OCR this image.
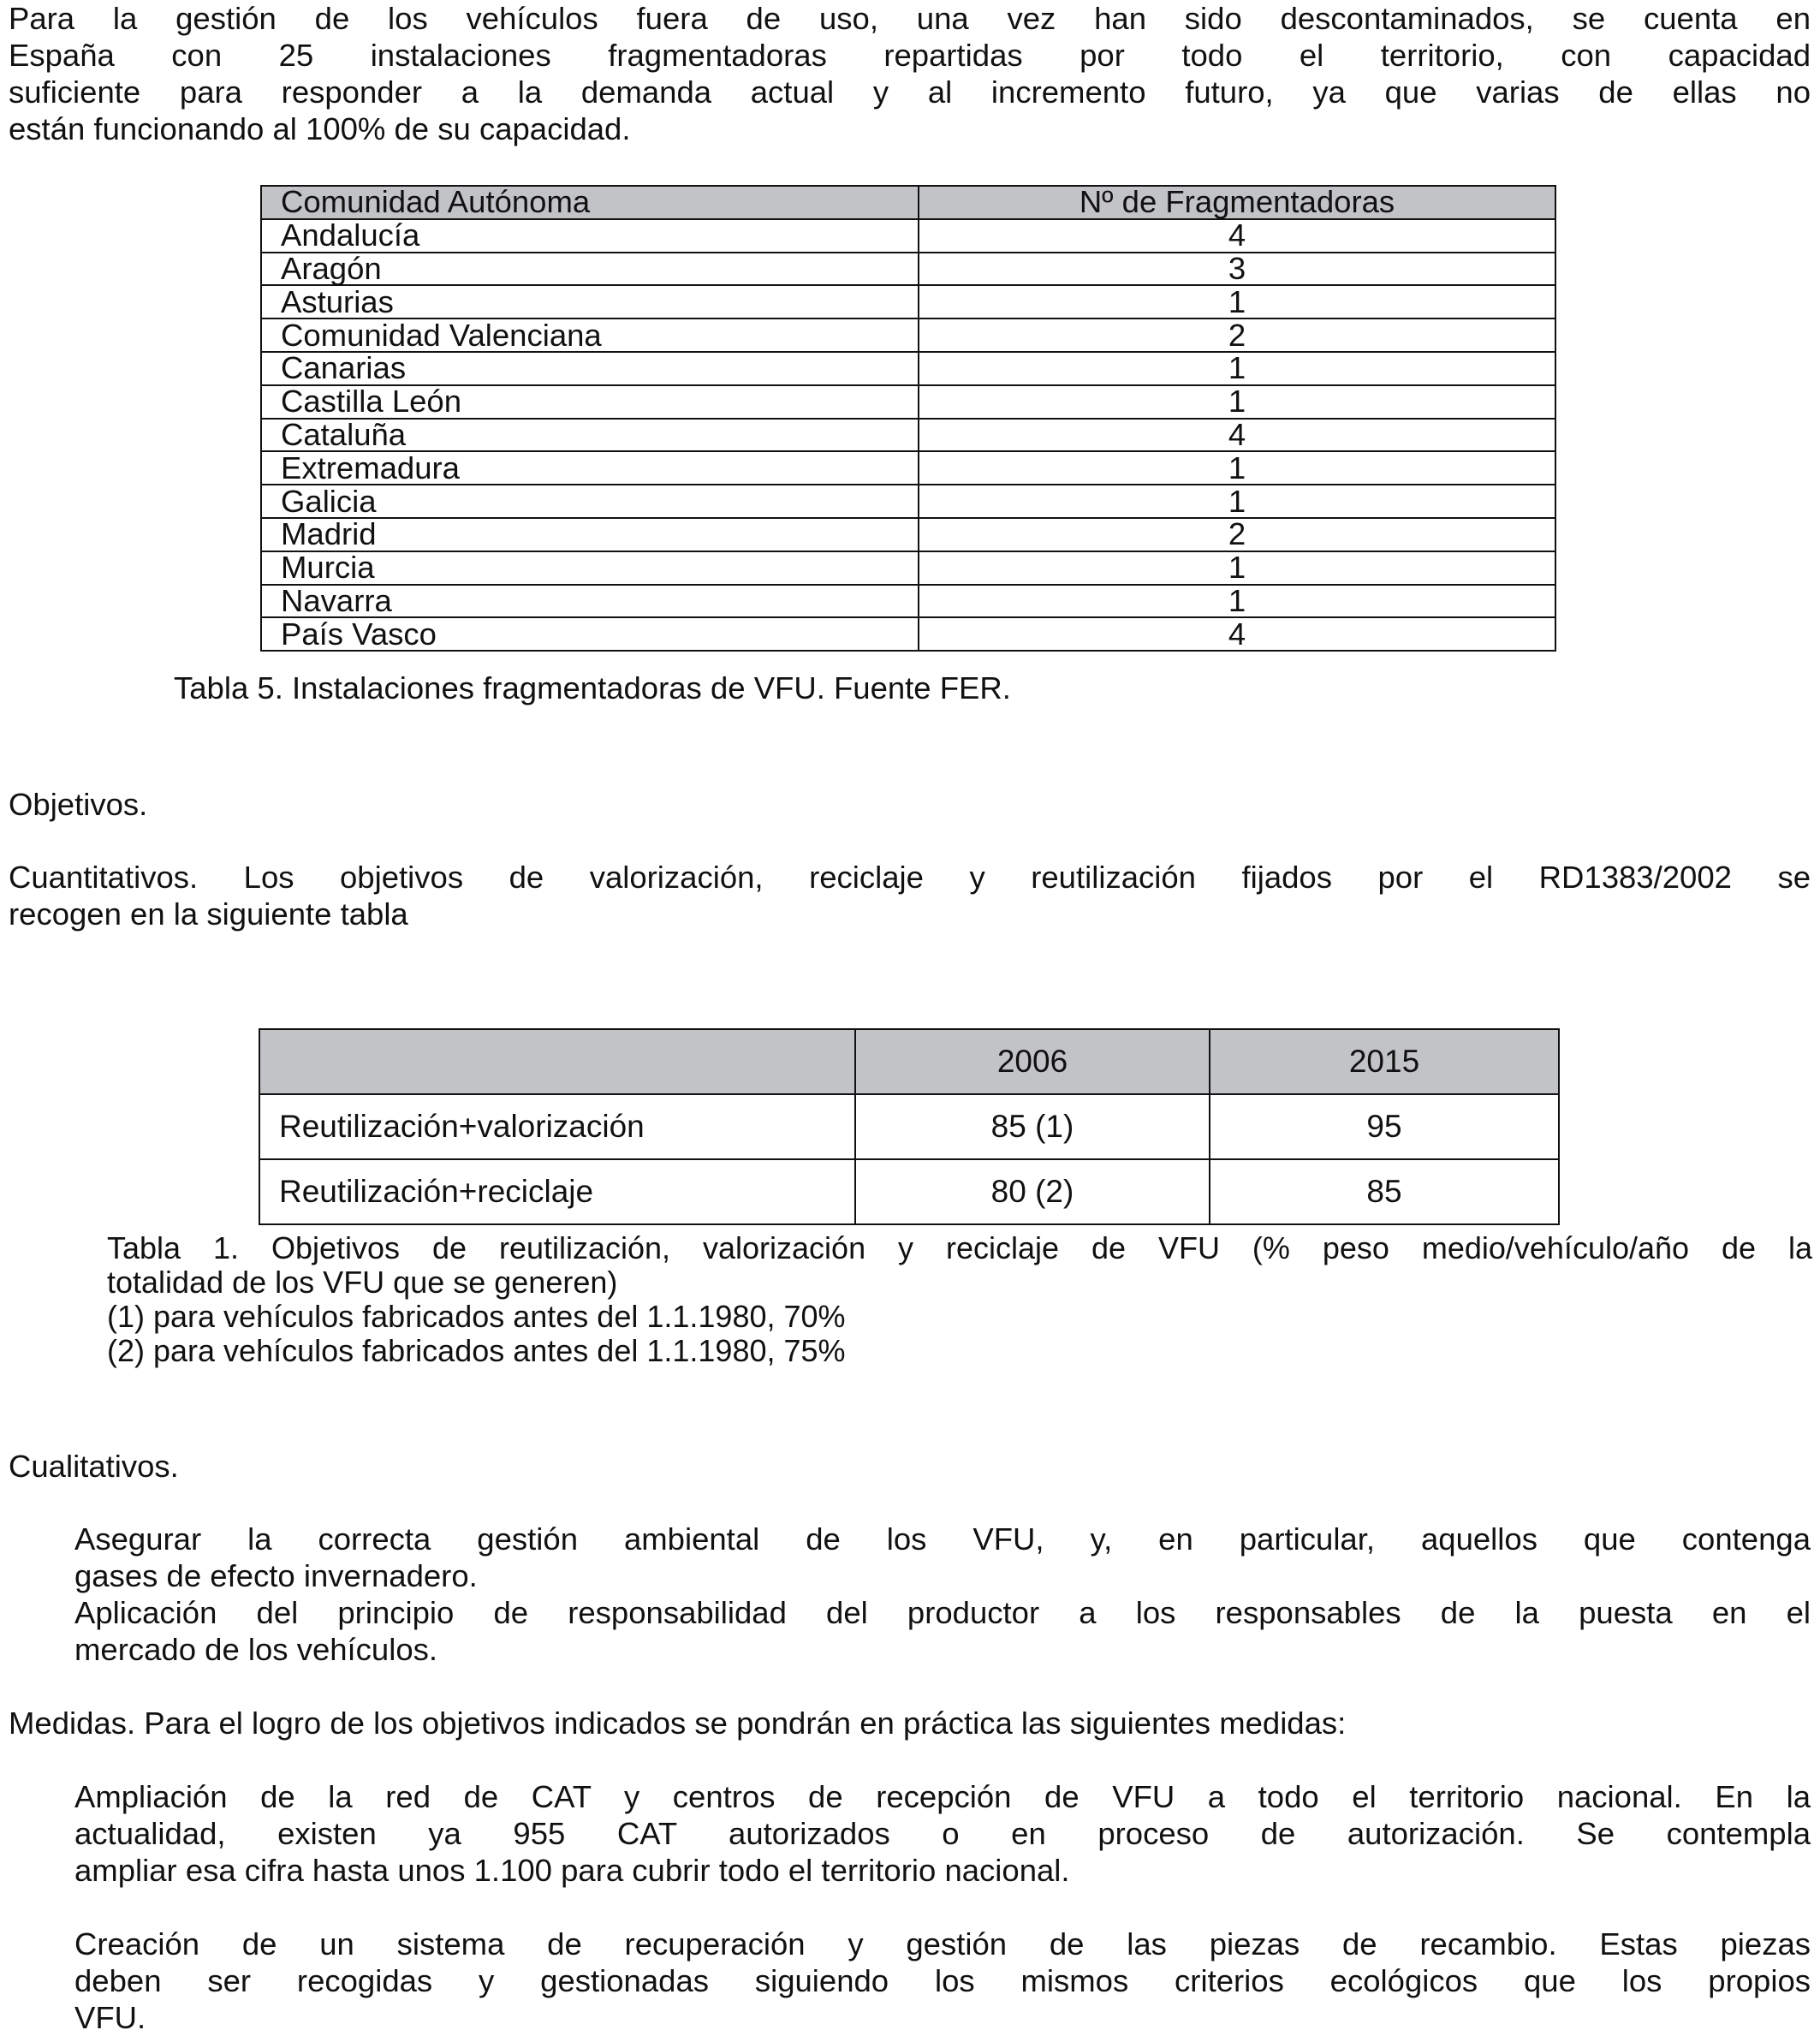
Para la gestión de los vehículos fuera de uso, una vez han sido descontaminados, se cuenta en
España con 25 instalaciones fragmentadoras repartidas por todo el territorio, con capacidad
suficiente para responder a la demanda actual y al incremento futuro, ya que varias de ellas no
están funcionando al 100% de su capacidad.

Comunidad Autónoma	Nº de Fragmentadoras
Andalucía	4
Aragón	3
Asturias	1
Comunidad Valenciana	2
Canarias	1
Castilla León	1
Cataluña	4
Extremadura	1
Galicia	1
Madrid	2
Murcia	1
Navarra	1
País Vasco	4

Tabla 5. Instalaciones fragmentadoras de VFU. Fuente FER.

Objetivos.

Cuantitativos. Los objetivos de valorización, reciclaje y reutilización fijados por el RD1383/2002 se
recogen en la siguiente tabla

	2006	2015
Reutilización+valorización	85 (1)	95
Reutilización+reciclaje	80 (2)	85
Tabla 1. Objetivos de reutilización, valorización y reciclaje de VFU (% peso medio/vehículo/año de la
totalidad de los VFU que se generen)
(1) para vehículos fabricados antes del 1.1.1980, 70%
(2) para vehículos fabricados antes del 1.1.1980, 75%

Cualitativos.

Asegurar la correcta gestión ambiental de los VFU, y, en particular, aquellos que contenga
gases de efecto invernadero.

Aplicación del principio de responsabilidad del productor a los responsables de la puesta en el
mercado de los vehículos.

Medidas. Para el logro de los objetivos indicados se pondrán en práctica las siguientes medidas:

Ampliación de la red de CAT y centros de recepción de VFU a todo el territorio nacional. En la
actualidad, existen ya 955 CAT autorizados o en proceso de autorización. Se contempla
ampliar esa cifra hasta unos 1.100 para cubrir todo el territorio nacional.

Creación de un sistema de recuperación y gestión de las piezas de recambio. Estas piezas
deben ser recogidas y gestionadas siguiendo los mismos criterios ecológicos que los propios
VFU.
